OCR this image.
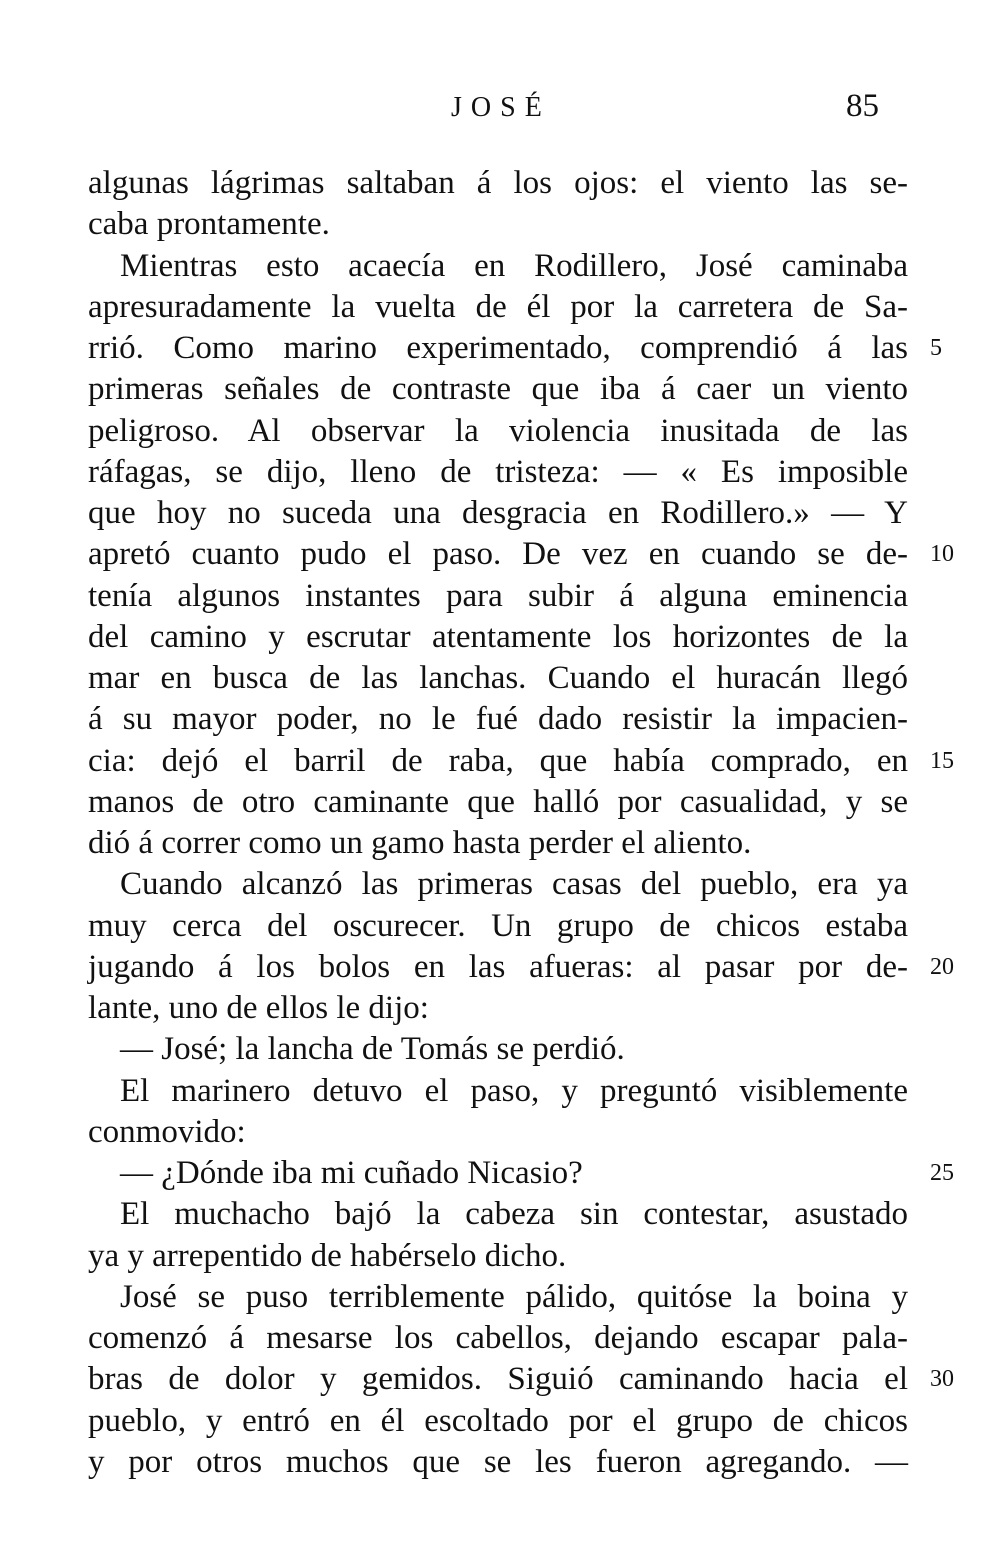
JOSÉ	85
algunas lágrimas saltaban á los ojos: el viento las se-
caba prontamente.
Mientras esto acaecía en Rodillero, José caminaba
apresuradamente la vuelta de él por la carretera de Sa-
rrió. Como marino experimentado, comprendió á las 5
primeras señales de contraste que iba á caer un viento
peligroso. Al observar la violencia inusitada de las
ráfagas, se dijo, lleno de tristeza: — « Es imposible
que hoy no suceda una desgracia en Rodillero.» — Y
apretó cuanto pudo el paso. De vez en cuando se de- 10
tenía algunos instantes para subir á alguna eminencia
del camino y escrutar atentamente los horizontes de la
mar en busca de las lanchas. Cuando el huracán llegó
á su mayor poder, no le fué dado resistir la impacien-
cia: dejó el barril de raba, que había comprado, en 15
manos de otro caminante que halló por casualidad, y se
dió á correr como un gamo hasta perder el aliento.
Cuando alcanzó las primeras casas del pueblo, era ya
muy cerca del oscurecer. Un grupo de chicos estaba
jugando á los bolos en las afueras: al pasar por de- 20
lante, uno de ellos le dijo:
— José; la lancha de Tomás se perdió.
El marinero detuvo el paso, y preguntó visiblemente
conmovido:
— ¿Dónde iba mi cuñado Nicasio?	25
El muchacho bajó la cabeza sin contestar, asustado
ya y arrepentido de habérselo dicho.
José se puso terriblemente pálido, quitóse la boina y
comenzó á mesarse los cabellos, dejando escapar pala-
bras de dolor y gemidos. Siguió caminando hacia el 30
pueblo, y entró en él escoltado por el grupo de chicos
y por otros muchos que se les fueron agregando. —
